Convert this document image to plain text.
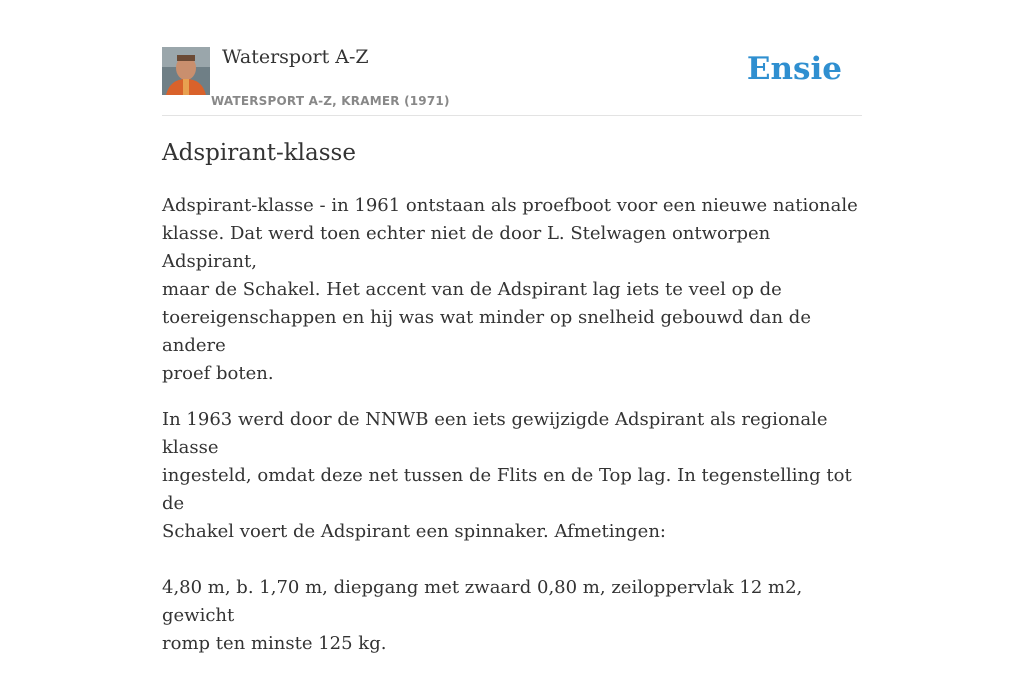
Watersport A-Z
WATERSPORT A-Z, KRAMER (1971)
Ensie
Adspirant-klasse

Adspirant-klasse - in 1961 ontstaan als proefboot voor een nieuwe nationale
klasse. Dat werd toen echter niet de door L. Stelwagen ontworpen Adspirant,
maar de Schakel. Het accent van de Adspirant lag iets te veel op de
toereigenschappen en hij was wat minder op snelheid gebouwd dan de andere
proef boten.

In 1963 werd door de NNWB een iets gewijzigde Adspirant als regionale klasse
ingesteld, omdat deze net tussen de Flits en de Top lag. In tegenstelling tot de
Schakel voert de Adspirant een spinnaker. Afmetingen:

4,80 m, b. 1,70 m, diepgang met zwaard 0,80 m, zeiloppervlak 12 m2, gewicht
romp ten minste 125 kg.
